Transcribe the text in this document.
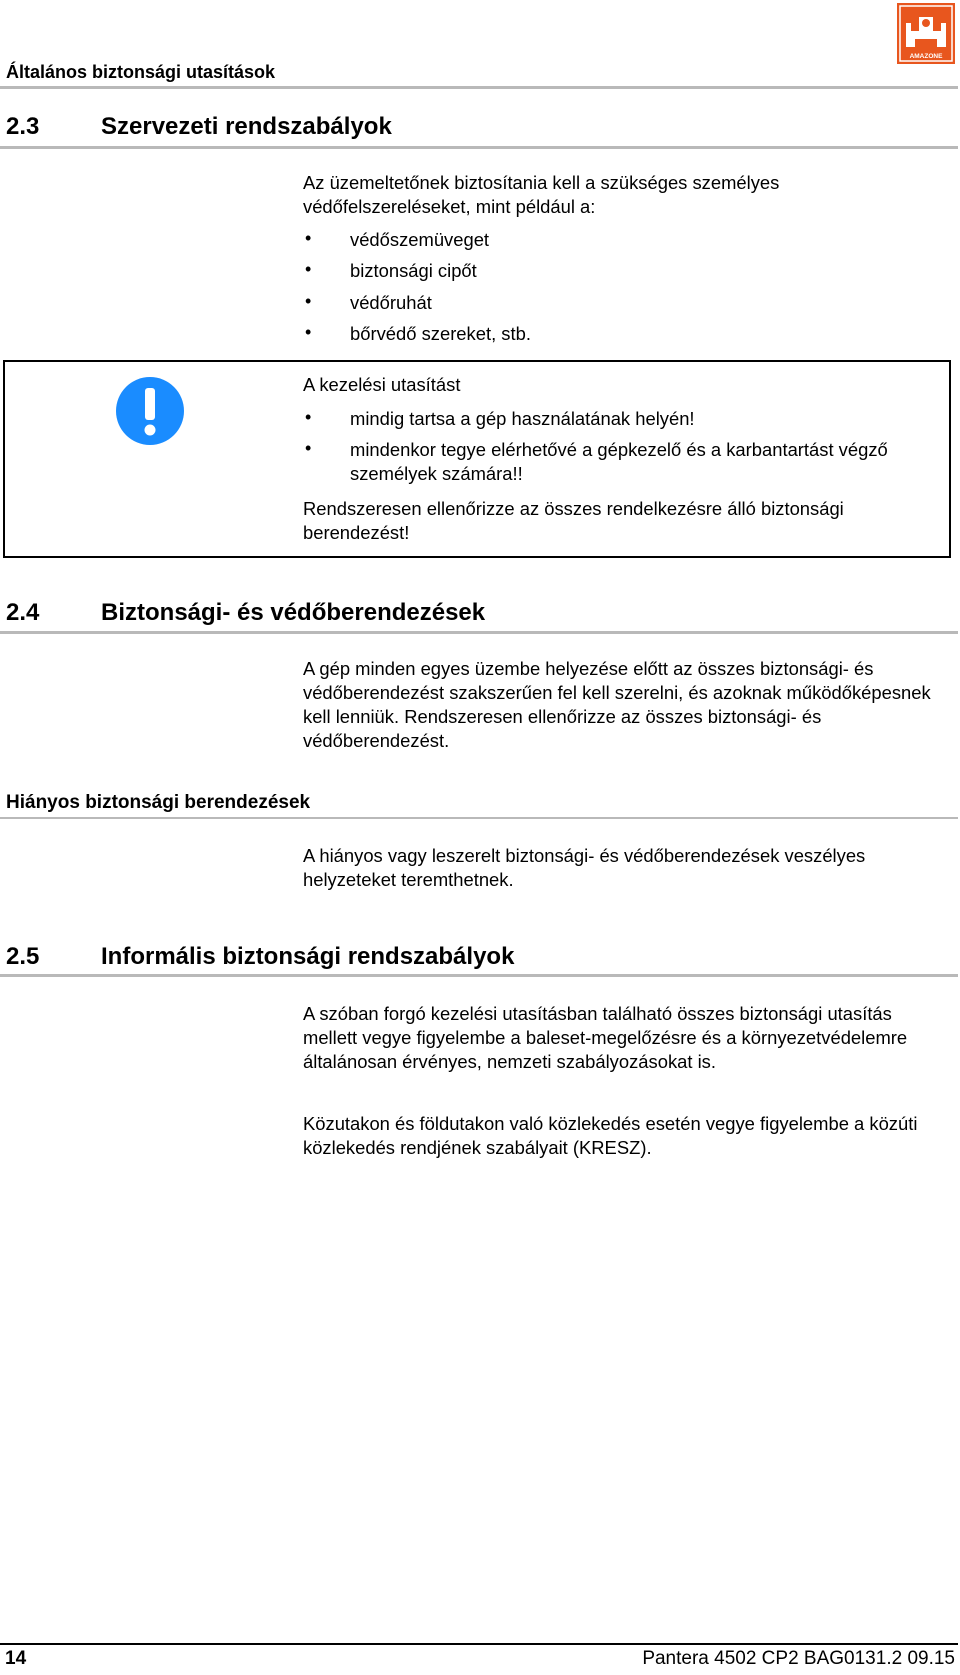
Általános biztonsági utasítások
AMAZONE
2.3	Szervezeti rendszabályok
Az üzemeltetőnek biztosítania kell a szükséges személyes védőfelszereléseket, mint például a:
• védőszemüveget
• biztonsági cipőt
• védőruhát
• bőrvédő szereket, stb.
A kezelési utasítást
• mindig tartsa a gép használatának helyén!
• mindenkor tegye elérhetővé a gépkezelő és a karbantartást végző személyek számára!!
Rendszeresen ellenőrizze az összes rendelkezésre álló biztonsági berendezést!
2.4	Biztonsági- és védőberendezések
A gép minden egyes üzembe helyezése előtt az összes biztonsági- és védőberendezést szakszerűen fel kell szerelni, és azoknak működőképesnek kell lenniük. Rendszeresen ellenőrizze az összes biztonsági- és védőberendezést.
Hiányos biztonsági berendezések
A hiányos vagy leszerelt biztonsági- és védőberendezések veszélyes helyzeteket teremthetnek.
2.5	Informális biztonsági rendszabályok
A szóban forgó kezelési utasításban található összes biztonsági utasítás mellett vegye figyelembe a baleset-megelőzésre és a környezetvédelemre általánosan érvényes, nemzeti szabályozásokat is.
Közutakon és földutakon való közlekedés esetén vegye figyelembe a közúti közlekedés rendjének szabályait (KRESZ).
14	Pantera 4502 CP2 BAG0131.2 09.15
